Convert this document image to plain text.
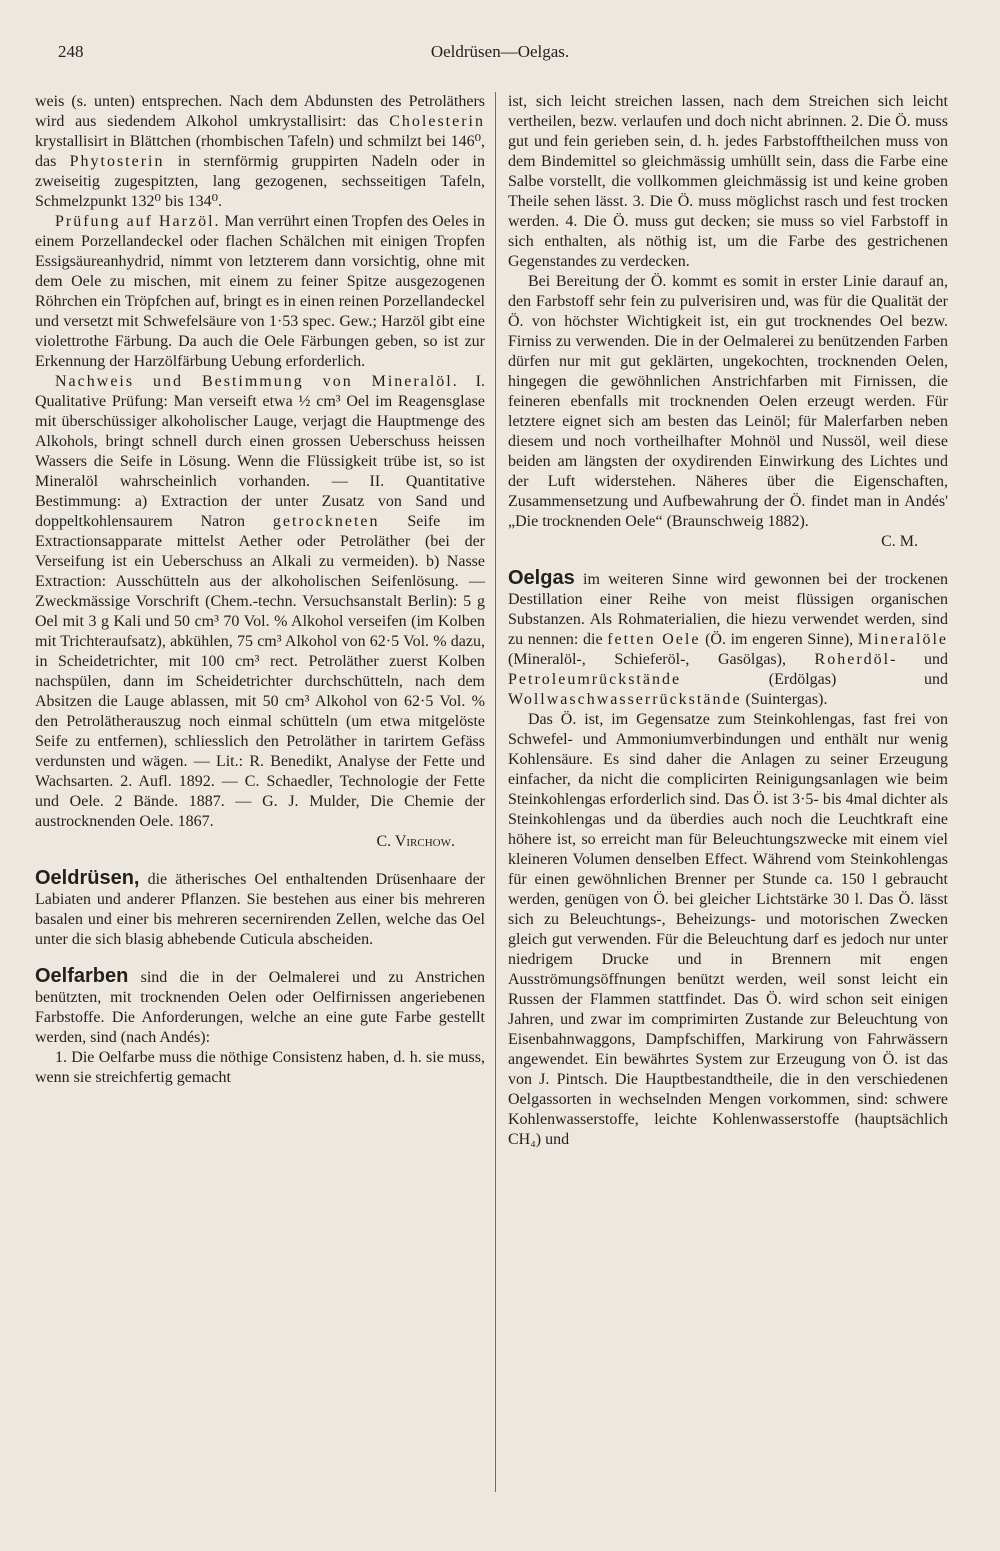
248	Oeldrüsen—Oelgas.

weis (s. unten) entsprechen. Nach dem Abdunsten des Petroläthers wird aus siedendem Alkohol umkrystallisirt: das Cholesterin krystallisirt in Blättchen (rhombischen Tafeln) und schmilzt bei 146⁰, das Phytosterin in sternförmig gruppirten Nadeln oder in zweiseitig zugespitzten, lang gezogenen, sechsseitigen Tafeln, Schmelzpunkt 132⁰ bis 134⁰.

Prüfung auf Harzöl. Man verrührt einen Tropfen des Oeles in einem Porzellandeckel oder flachen Schälchen mit einigen Tropfen Essigsäureanhydrid, nimmt von letzterem dann vorsichtig, ohne mit dem Oele zu mischen, mit einem zu feiner Spitze ausgezogenen Röhrchen ein Tröpfchen auf, bringt es in einen reinen Porzellandeckel und versetzt mit Schwefelsäure von 1·53 spec. Gew.; Harzöl gibt eine violettrothe Färbung. Da auch die Oele Färbungen geben, so ist zur Erkennung der Harzölfärbung Uebung erforderlich.

Nachweis und Bestimmung von Mineralöl. I. Qualitative Prüfung: Man verseift etwa ½ cm³ Oel im Reagensglase mit überschüssiger alkoholischer Lauge, verjagt die Hauptmenge des Alkohols, bringt schnell durch einen grossen Ueberschuss heissen Wassers die Seife in Lösung. Wenn die Flüssigkeit trübe ist, so ist Mineralöl wahrscheinlich vorhanden. — II. Quantitative Bestimmung: a) Extraction der unter Zusatz von Sand und doppeltkohlensaurem Natron getrockneten Seife im Extractionsapparate mittelst Aether oder Petroläther (bei der Verseifung ist ein Ueberschuss an Alkali zu vermeiden). b) Nasse Extraction: Ausschütteln aus der alkoholischen Seifenlösung. — Zweckmässige Vorschrift (Chem.-techn. Versuchsanstalt Berlin): 5 g Oel mit 3 g Kali und 50 cm³ 70 Vol. % Alkohol verseifen (im Kolben mit Trichteraufsatz), abkühlen, 75 cm³ Alkohol von 62·5 Vol. % dazu, in Scheidetrichter, mit 100 cm³ rect. Petroläther zuerst Kolben nachspülen, dann im Scheidetrichter durchschütteln, nach dem Absitzen die Lauge ablassen, mit 50 cm³ Alkohol von 62·5 Vol. % den Petrolätherauszug noch einmal schütteln (um etwa mitgelöste Seife zu entfernen), schliesslich den Petroläther in tarirtem Gefäss verdunsten und wägen. — Lit.: R. Benedikt, Analyse der Fette und Wachsarten. 2. Aufl. 1892. — C. Schaedler, Technologie der Fette und Oele. 2 Bände. 1887. — G. J. Mulder, Die Chemie der austrocknenden Oele. 1867.

C. Virchow.

Oeldrüsen, die ätherisches Oel enthaltenden Drüsenhaare der Labiaten und anderer Pflanzen. Sie bestehen aus einer bis mehreren basalen und einer bis mehreren secernirenden Zellen, welche das Oel unter die sich blasig abhebende Cuticula abscheiden.

Oelfarben sind die in der Oelmalerei und zu Anstrichen benützten, mit trocknenden Oelen oder Oelfirnissen angeriebenen Farbstoffe. Die Anforderungen, welche an eine gute Farbe gestellt werden, sind (nach Andés):

1. Die Oelfarbe muss die nöthige Consistenz haben, d. h. sie muss, wenn sie streichfertig gemacht

ist, sich leicht streichen lassen, nach dem Streichen sich leicht vertheilen, bezw. verlaufen und doch nicht abrinnen. 2. Die Ö. muss gut und fein gerieben sein, d. h. jedes Farbstofftheilchen muss von dem Bindemittel so gleichmässig umhüllt sein, dass die Farbe eine Salbe vorstellt, die vollkommen gleichmässig ist und keine groben Theile sehen lässt. 3. Die Ö. muss möglichst rasch und fest trocken werden. 4. Die Ö. muss gut decken; sie muss so viel Farbstoff in sich enthalten, als nöthig ist, um die Farbe des gestrichenen Gegenstandes zu verdecken.

Bei Bereitung der Ö. kommt es somit in erster Linie darauf an, den Farbstoff sehr fein zu pulverisiren und, was für die Qualität der Ö. von höchster Wichtigkeit ist, ein gut trocknendes Oel bezw. Firniss zu verwenden. Die in der Oelmalerei zu benützenden Farben dürfen nur mit gut geklärten, ungekochten, trocknenden Oelen, hingegen die gewöhnlichen Anstrichfarben mit Firnissen, die feineren ebenfalls mit trocknenden Oelen erzeugt werden. Für letztere eignet sich am besten das Leinöl; für Malerfarben neben diesem und noch vortheilhafter Mohnöl und Nussöl, weil diese beiden am längsten der oxydirenden Einwirkung des Lichtes und der Luft widerstehen. Näheres über die Eigenschaften, Zusammensetzung und Aufbewahrung der Ö. findet man in Andés' „Die trocknenden Oele“ (Braunschweig 1882).

C. M.

Oelgas im weiteren Sinne wird gewonnen bei der trockenen Destillation einer Reihe von meist flüssigen organischen Substanzen. Als Rohmaterialien, die hiezu verwendet werden, sind zu nennen: die fetten Oele (Ö. im engeren Sinne), Mineralöle (Mineralöl-, Schieferöl-, Gasölgas), Roherdöl- und Petroleumrückstände (Erdölgas) und Wollwaschwasserrückstände (Suintergas).

Das Ö. ist, im Gegensatze zum Steinkohlengas, fast frei von Schwefel- und Ammoniumverbindungen und enthält nur wenig Kohlensäure. Es sind daher die Anlagen zu seiner Erzeugung einfacher, da nicht die complicirten Reinigungsanlagen wie beim Steinkohlengas erforderlich sind. Das Ö. ist 3·5- bis 4mal dichter als Steinkohlengas und da überdies auch noch die Leuchtkraft eine höhere ist, so erreicht man für Beleuchtungszwecke mit einem viel kleineren Volumen denselben Effect. Während vom Steinkohlengas für einen gewöhnlichen Brenner per Stunde ca. 150 l gebraucht werden, genügen von Ö. bei gleicher Lichtstärke 30 l. Das Ö. lässt sich zu Beleuchtungs-, Beheizungs- und motorischen Zwecken gleich gut verwenden. Für die Beleuchtung darf es jedoch nur unter niedrigem Drucke und in Brennern mit engen Ausströmungsöffnungen benützt werden, weil sonst leicht ein Russen der Flammen stattfindet. Das Ö. wird schon seit einigen Jahren, und zwar im comprimirten Zustande zur Beleuchtung von Eisenbahnwaggons, Dampfschiffen, Markirung von Fahrwässern angewendet. Ein bewährtes System zur Erzeugung von Ö. ist das von J. Pintsch. Die Hauptbestandtheile, die in den verschiedenen Oelgassorten in wechselnden Mengen vorkommen, sind: schwere Kohlenwasserstoffe, leichte Kohlenwasserstoffe (hauptsächlich CH₄) und
